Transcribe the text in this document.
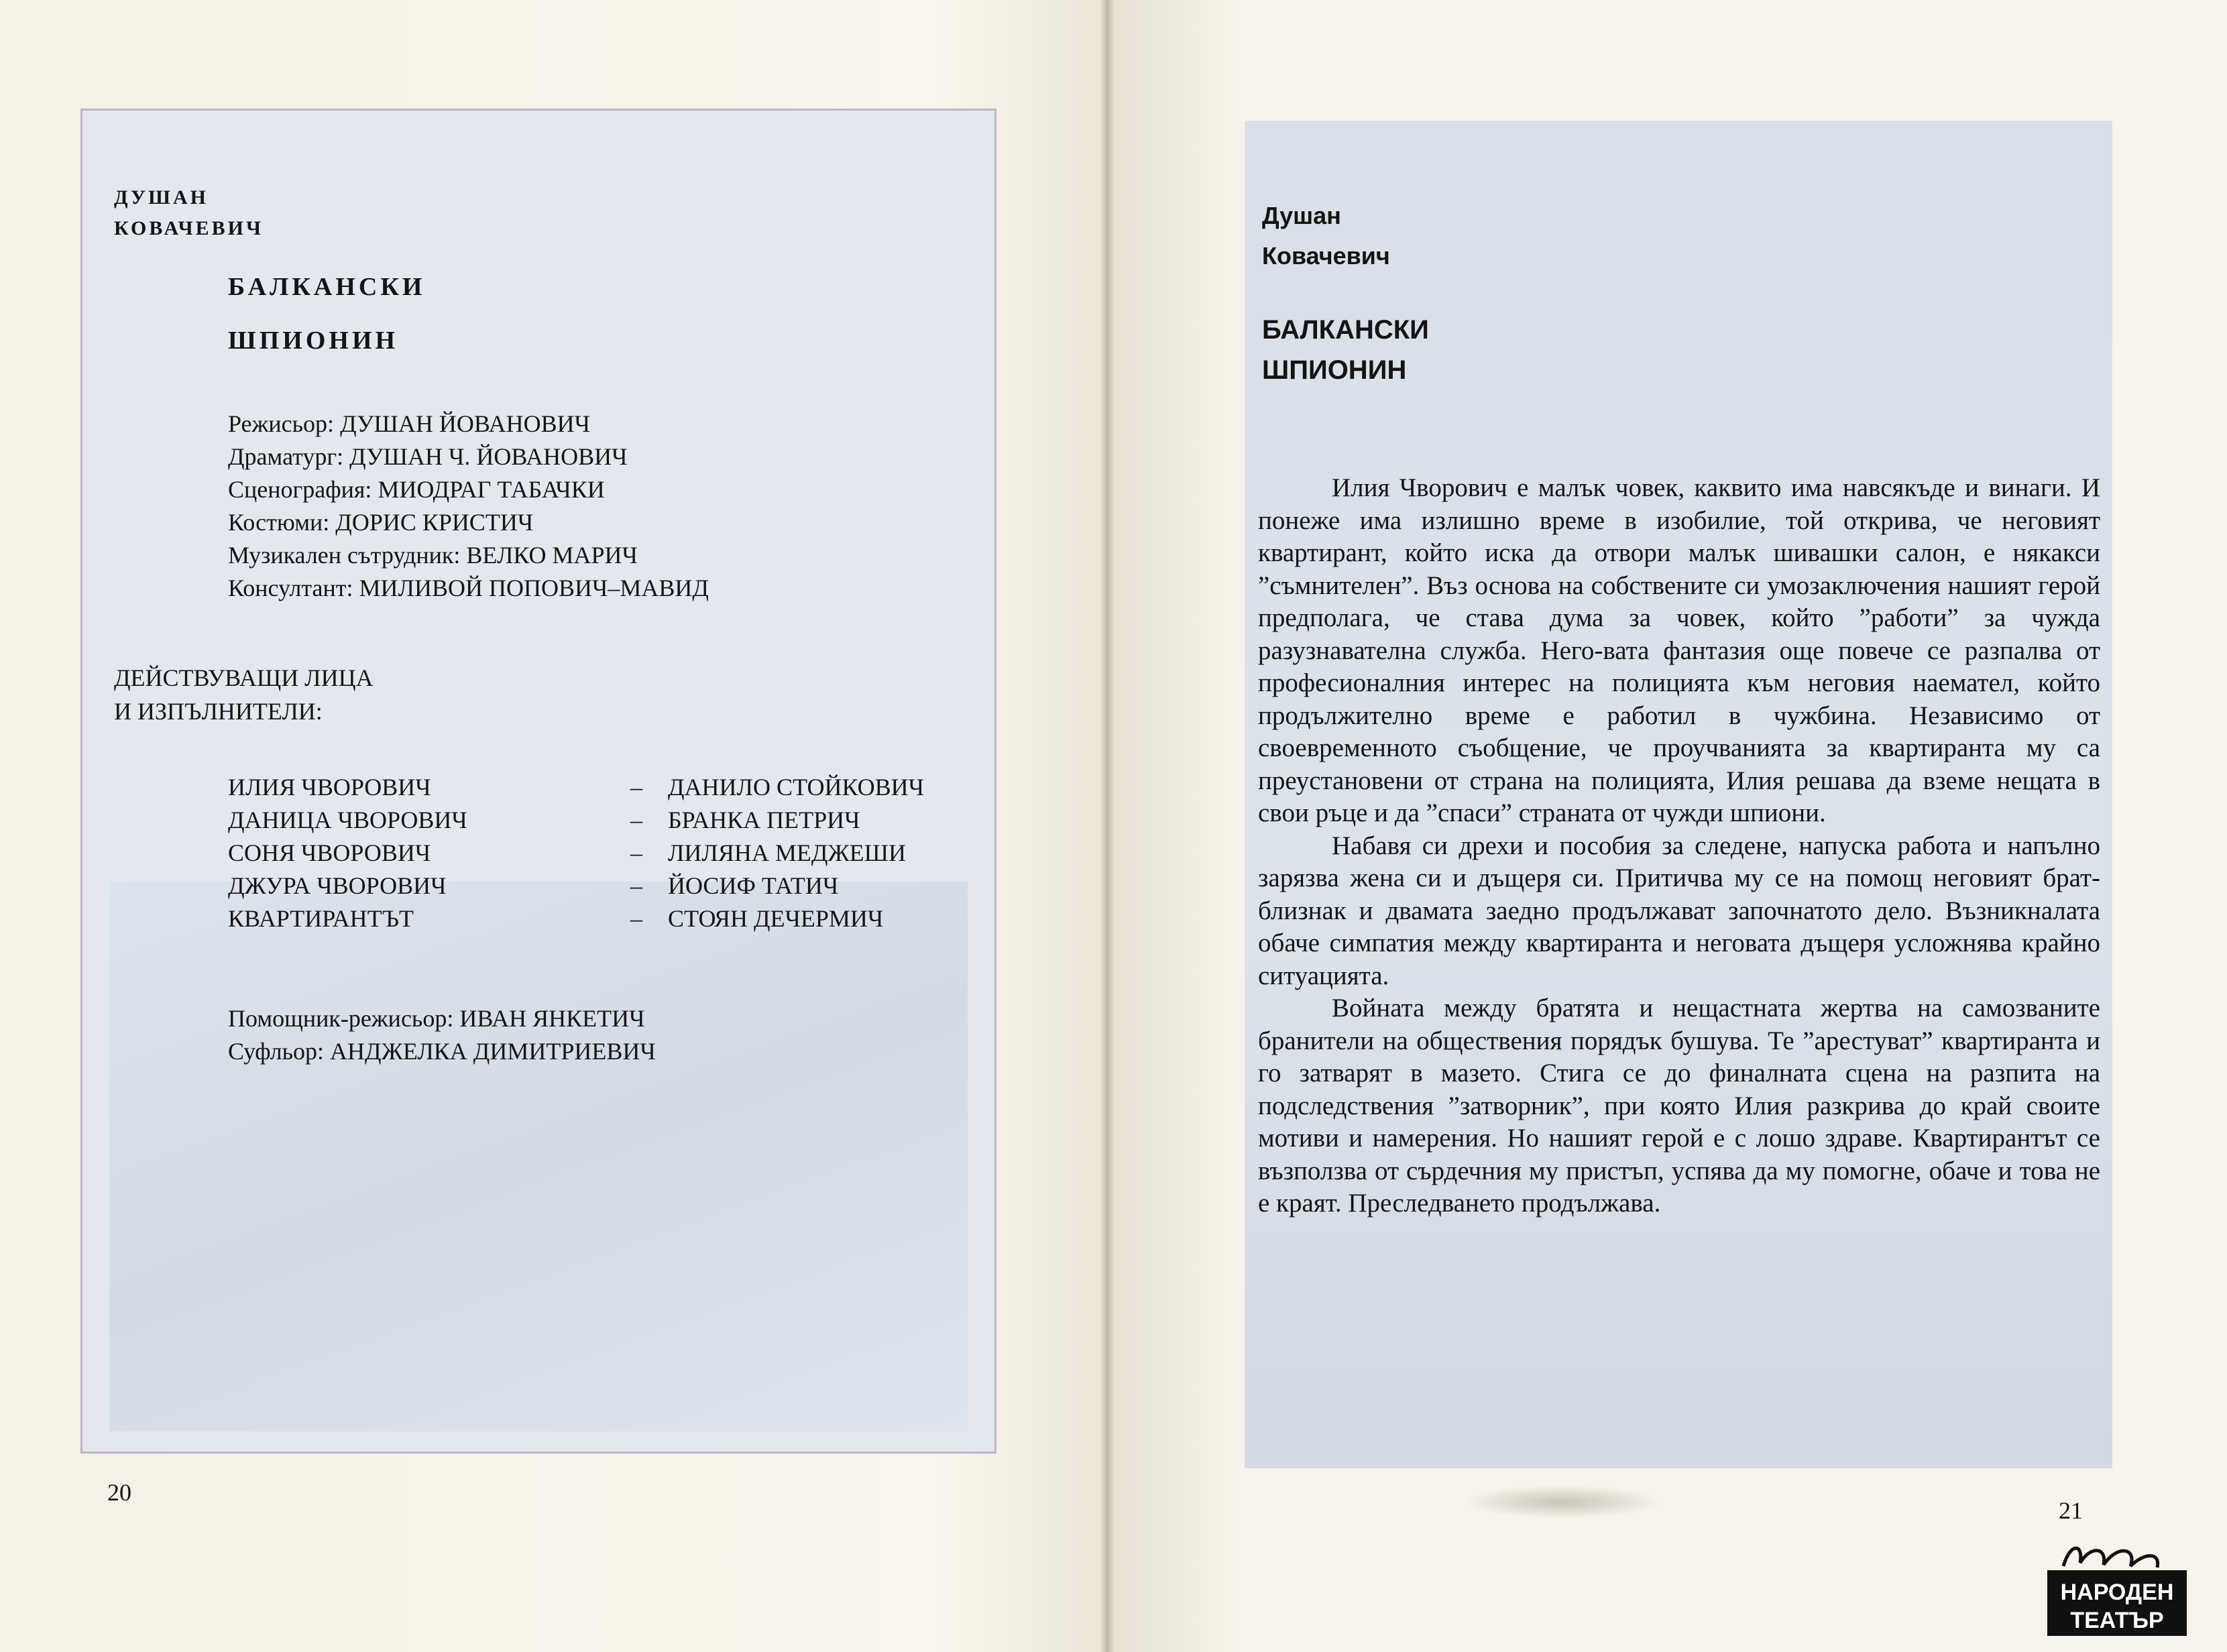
ДУШАН
КОВАЧЕВИЧ
БАЛКАНСКИ
ШПИОНИН
Режисьор: ДУШАН ЙОВАНОВИЧ
Драматург: ДУШАН Ч. ЙОВАНОВИЧ
Сценография: МИОДРАГ ТАБАЧКИ
Костюми: ДОРИС КРИСТИЧ
Музикален сътрудник: ВЕЛКО МАРИЧ
Консултант: МИЛИВОЙ ПОПОВИЧ–МАВИД
ДЕЙСТВУВАЩИ ЛИЦА
И ИЗПЪЛНИТЕЛИ:
ИЛИЯ ЧВОРОВИЧ
ДАНИЦА ЧВОРОВИЧ
СОНЯ ЧВОРОВИЧ
ДЖУРА ЧВОРОВИЧ
КВАРТИРАНТЪТ
– ДАНИЛО СТОЙКОВИЧ
– БРАНКА ПЕТРИЧ
– ЛИЛЯНА МЕДЖЕШИ
– ЙОСИФ ТАТИЧ
– СТОЯН ДЕЧЕРМИЧ
Помощник-режисьор: ИВАН ЯНКЕТИЧ
Суфльор: АНДЖЕЛКА ДИМИТРИЕВИЧ
20
Душан
Ковачевич
БАЛКАНСКИ
ШПИОНИН

Илия Чворович е малък човек, каквито има навсякъде и винаги. И понеже има излишно време в изобилие, той открива, че неговият квартирант, който иска да отвори малък шивашки салон, е някакси ”съмнителен”. Въз основа на собствените си умозаключения нашият герой предполага, че става дума за човек, който ”работи” за чужда разузнавателна служба. Него-вата фантазия още повече се разпалва от професионалния интерес на полицията към неговия наемател, който продължително време е работил в чужбина. Независимо от своевременното съобщение, че проучванията за квартиранта му са преустановени от страна на полицията, Илия решава да вземе нещата в свои ръце и да ”спаси” страната от чужди шпиони.

Набавя си дрехи и пособия за следене, напуска работа и напълно зарязва жена си и дъщеря си. Притичва му се на помощ неговият брат-близнак и двамата заедно продължават започнатото дело. Възникналата обаче симпатия между квартиранта и неговата дъщеря усложнява крайно ситуацията.

Войната между братята и нещастната жертва на самозваните бранители на обществения порядък бушува. Те ”арестуват” квартиранта и го затварят в мазето. Стига се до финалната сцена на разпита на подследствения ”затворник”, при която Илия разкрива до край своите мотиви и намерения. Но нашият герой е с лошо здраве. Квартирантът се възползва от сърдечния му пристъп, успява да му помогне, обаче и това не е краят. Преследването продължава.

21
НАРОДЕН
ТЕАТЪР
